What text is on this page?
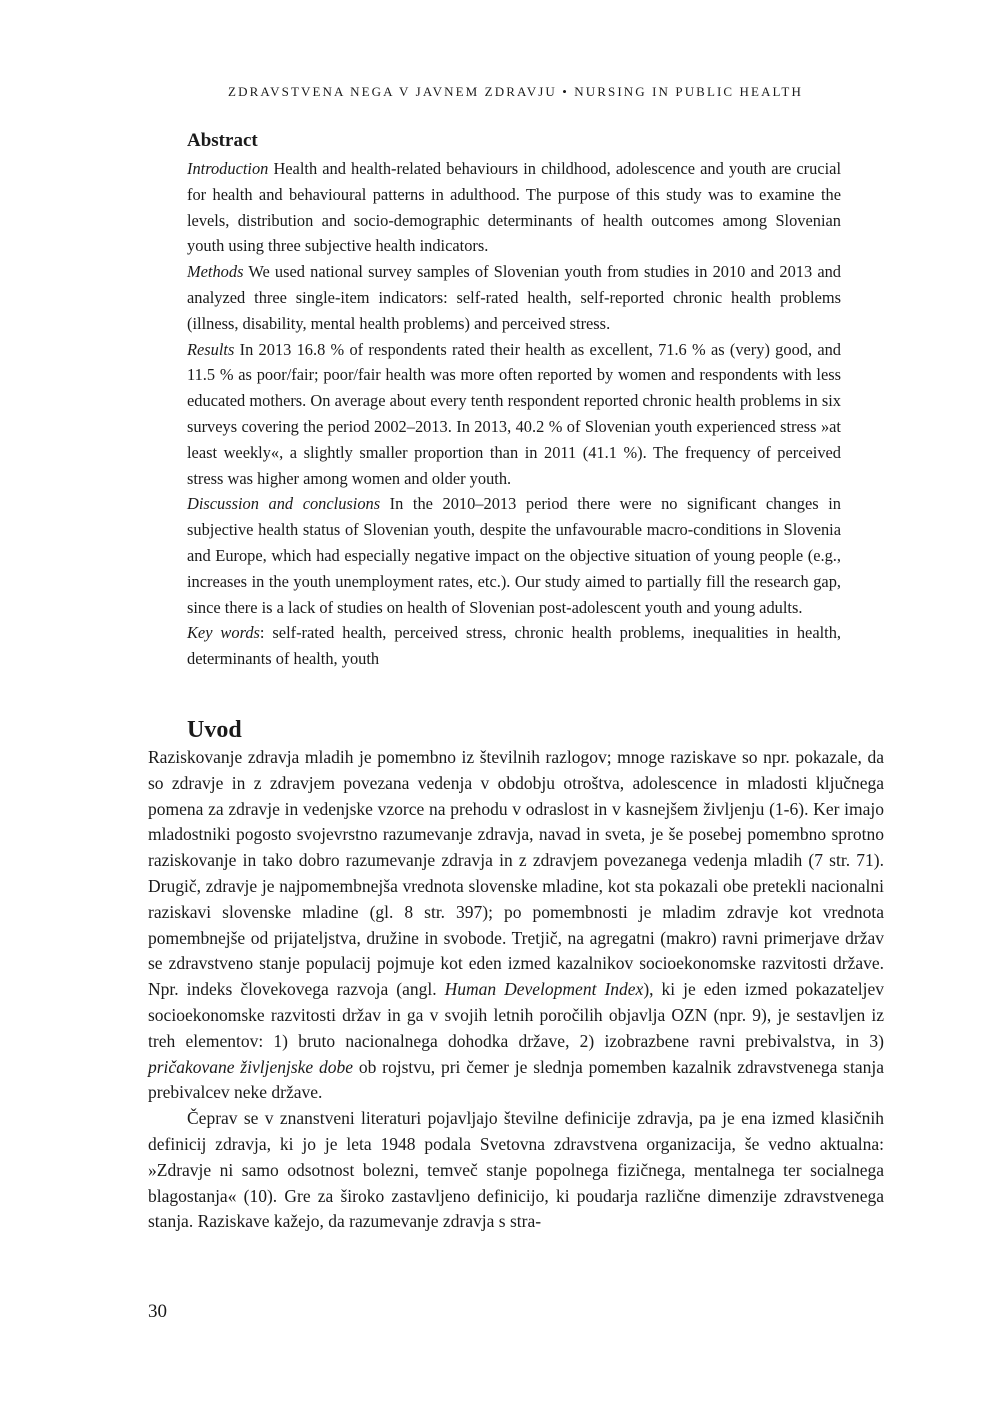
ZDRAVSTVENA NEGA V JAVNEM ZDRAVJU • NURSING IN PUBLIC HEALTH
Abstract

Introduction Health and health-related behaviours in childhood, adolescence and youth are crucial for health and behavioural patterns in adulthood. The purpose of this study was to examine the levels, distribution and socio-demographic determinants of health outcomes among Slovenian youth using three subjective health indicators.

Methods We used national survey samples of Slovenian youth from studies in 2010 and 2013 and analyzed three single-item indicators: self-rated health, self-reported chronic health problems (illness, disability, mental health problems) and perceived stress.

Results In 2013 16.8 % of respondents rated their health as excellent, 71.6 % as (very) good, and 11.5 % as poor/fair; poor/fair health was more often reported by women and respondents with less educated mothers. On average about every tenth respondent reported chronic health problems in six surveys covering the period 2002–2013. In 2013, 40.2 % of Slovenian youth experienced stress »at least weekly«, a slightly smaller proportion than in 2011 (41.1 %). The frequency of perceived stress was higher among women and older youth.

Discussion and conclusions In the 2010–2013 period there were no significant changes in subjective health status of Slovenian youth, despite the unfavourable macro-conditions in Slovenia and Europe, which had especially negative impact on the objective situation of young people (e.g., increases in the youth unemployment rates, etc.). Our study aimed to partially fill the research gap, since there is a lack of studies on health of Slovenian post-adolescent youth and young adults.

Key words: self-rated health, perceived stress, chronic health problems, inequalities in health, determinants of health, youth

Uvod

Raziskovanje zdravja mladih je pomembno iz številnih razlogov; mnoge raziskave so npr. pokazale, da so zdravje in z zdravjem povezana vedenja v obdobju otroštva, adolescence in mladosti ključnega pomena za zdravje in vedenjske vzorce na prehodu v odraslost in v kasnejšem življenju (1-6). Ker imajo mladostniki pogosto svojevrstno razumevanje zdravja, navad in sveta, je še posebej pomembno sprotno raziskovanje in tako dobro razumevanje zdravja in z zdravjem povezanega vedenja mladih (7 str. 71). Drugič, zdravje je najpomembnejša vrednota slovenske mladine, kot sta pokazali obe pretekli nacionalni raziskavi slovenske mladine (gl. 8 str. 397); po pomembnosti je mladim zdravje kot vrednota pomembnejše od prijateljstva, družine in svobode. Tretjič, na agregatni (makro) ravni primerjave držav se zdravstveno stanje populacij pojmuje kot eden izmed kazalnikov socioekonomske razvitosti države. Npr. indeks človekovega razvoja (angl. Human Development Index), ki je eden izmed pokazateljev socioekonomske razvitosti držav in ga v svojih letnih poročilih objavlja OZN (npr. 9), je sestavljen iz treh elementov: 1) bruto nacionalnega dohodka države, 2) izobrazbene ravni prebivalstva, in 3) pričakovane življenjske dobe ob rojstvu, pri čemer je slednja pomemben kazalnik zdravstvenega stanja prebivalcev neke države.

Čeprav se v znanstveni literaturi pojavljajo številne definicije zdravja, pa je ena izmed klasičnih definicij zdravja, ki jo je leta 1948 podala Svetovna zdravstvena organizacija, še vedno aktualna: »Zdravje ni samo odsotnost bolezni, temveč stanje popolnega fizičnega, mentalnega ter socialnega blagostanja« (10). Gre za široko zastavljeno definicijo, ki poudarja različne dimenzije zdravstvenega stanja. Raziskave kažejo, da razumevanje zdravja s stra-

30
